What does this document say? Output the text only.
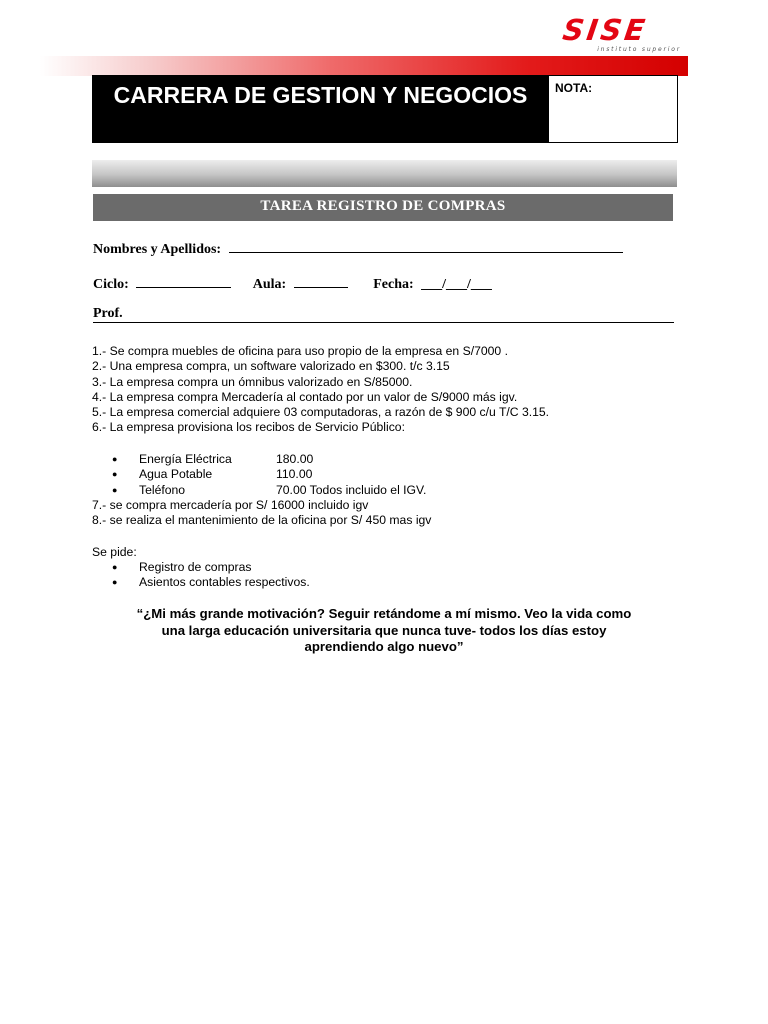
SISE
instituto superior
CARRERA DE GESTION Y NEGOCIOS	NOTA:
TAREA REGISTRO DE COMPRAS
Nombres y Apellidos:
Ciclo:	Aula:	Fecha: ___/___/___
Prof.
1.- Se compra muebles de oficina para uso propio de la empresa en S/7000 .
2.- Una empresa compra, un software valorizado en $300. t/c 3.15
3.- La empresa compra un ómnibus valorizado en S/85000.
4.- La empresa compra Mercadería al contado por un valor de S/9000 más igv.
5.- La empresa comercial adquiere 03 computadoras, a razón de $ 900 c/u T/C 3.15.
6.- La empresa provisiona los recibos de Servicio Público:
●	Energía Eléctrica	180.00
●	Agua Potable	110.00
●	Teléfono	70.00 Todos incluido el IGV.
7.- se compra mercadería por S/ 16000 incluido igv
8.- se realiza el mantenimiento de la oficina por S/ 450 mas igv
Se pide:
●	Registro de compras
●	Asientos contables respectivos.
“¿Mi más grande motivación? Seguir retándome a mí mismo. Veo la vida como
una larga educación universitaria que nunca tuve- todos los días estoy
aprendiendo algo nuevo”
